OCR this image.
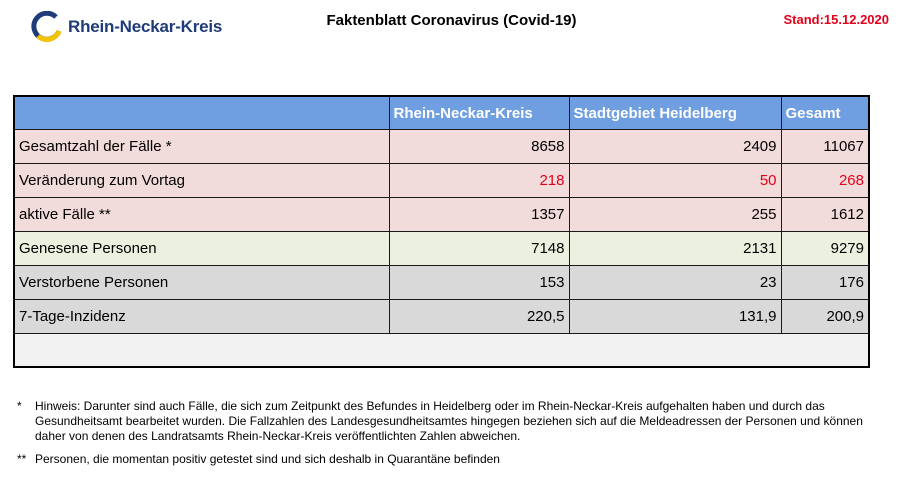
Rhein-Neckar-Kreis	Faktenblatt Coronavirus (Covid-19)	Stand:15.12.2020
	Rhein-Neckar-Kreis	Stadtgebiet Heidelberg	Gesamt
Gesamtzahl der Fälle *	8658	2409	11067
Veränderung zum Vortag	218	50	268
aktive Fälle **	1357	255	1612
Genesene Personen	7148	2131	9279
Verstorbene Personen	153	23	176
7-Tage-Inzidenz	220,5	131,9	200,9

*	Hinweis: Darunter sind auch Fälle, die sich zum Zeitpunkt des Befundes in Heidelberg oder im Rhein-Neckar-Kreis aufgehalten haben und durch das Gesundheitsamt bearbeitet wurden. Die Fallzahlen des Landesgesundheitsamtes hingegen beziehen sich auf die Meldeadressen der Personen und können daher von denen des Landratsamts Rhein-Neckar-Kreis veröffentlichten Zahlen abweichen.
** Personen, die momentan positiv getestet sind und sich deshalb in Quarantäne befinden
